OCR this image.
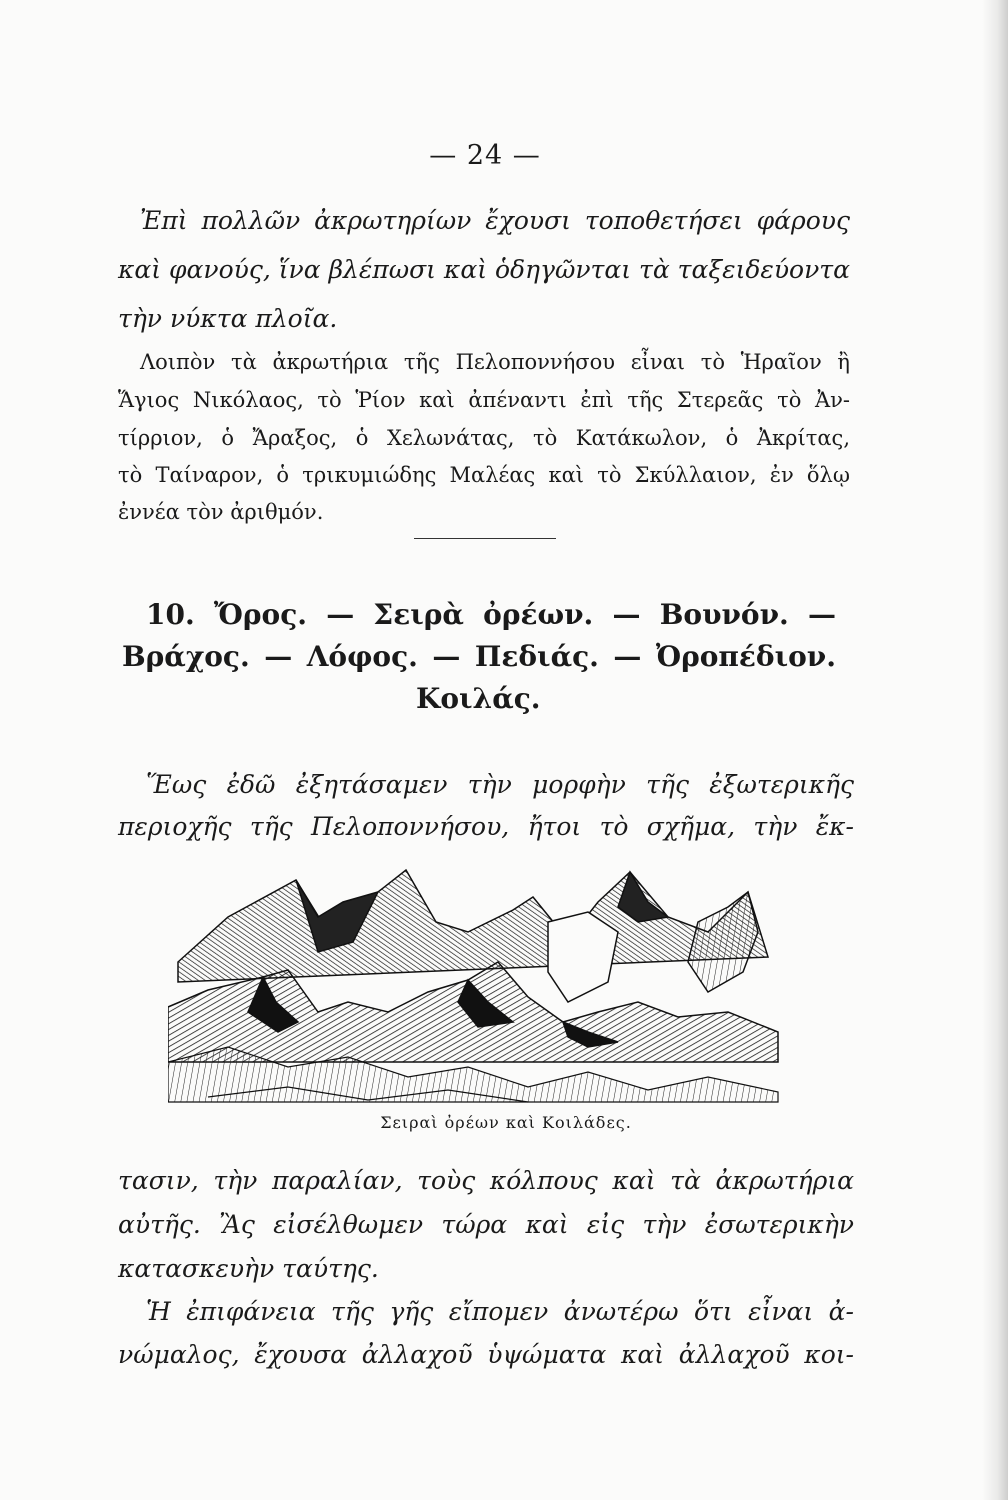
— 24 —
Ἐπὶ πολλῶν ἀκρωτηρίων ἔχουσι τοποθετήσει φάρους
καὶ φανούς, ἵνα βλέπωσι καὶ ὁδηγῶνται τὰ ταξειδεύοντα
τὴν νύκτα πλοῖα.
Λοιπὸν τὰ ἀκρωτήρια τῆς Πελοποννήσου εἶναι τὸ Ἡραῖον ἢ
Ἅγιος Νικόλαος, τὸ Ῥίον καὶ ἀπέναντι ἐπὶ τῆς Στερεᾶς τὸ Ἀν-
τίρριον, ὁ Ἄραξος, ὁ Χελωνάτας, τὸ Κατάκωλον, ὁ Ἀκρίτας,
τὸ Ταίναρον, ὁ τρικυμιώδης Μαλέας καὶ τὸ Σκύλλαιον, ἐν ὅλῳ
ἐννέα τὸν ἀριθμόν.
10. Ὄρος. — Σειρὰ ὀρέων. — Βουνόν. —
Βράχος. — Λόφος. — Πεδιάς. — Ὀροπέδιον.
Κοιλάς.
Ἕως ἐδῶ ἐξητάσαμεν τὴν μορφὴν τῆς ἐξωτερικῆς
περιοχῆς τῆς Πελοποννήσου, ἤτοι τὸ σχῆμα, τὴν ἔκ-
Σειραὶ ὀρέων καὶ Κοιλάδες.
τασιν, τὴν παραλίαν, τοὺς κόλπους καὶ τὰ ἀκρωτήρια
αὐτῆς. Ἂς εἰσέλθωμεν τώρα καὶ εἰς τὴν ἐσωτερικὴν
κατασκευὴν ταύτης.
Ἡ ἐπιφάνεια τῆς γῆς εἴπομεν ἀνωτέρω ὅτι εἶναι ἀ-
νώμαλος, ἔχουσα ἀλλαχοῦ ὑψώματα καὶ ἀλλαχοῦ κοι-
